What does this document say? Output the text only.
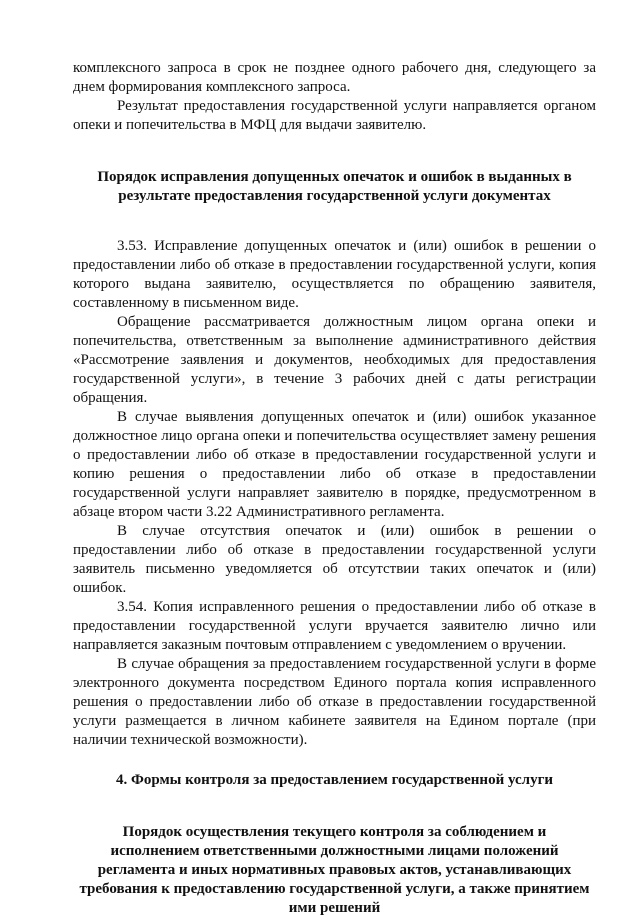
комплексного запроса в срок не позднее одного рабочего дня, следующего за днем формирования комплексного запроса.

Результат предоставления государственной услуги направляется органом опеки и попечительства в МФЦ для выдачи заявителю.

Порядок исправления допущенных опечаток и ошибок в выданных в результате предоставления государственной услуги документах

3.53. Исправление допущенных опечаток и (или) ошибок в решении о предоставлении либо об отказе в предоставлении государственной услуги, копия которого выдана заявителю, осуществляется по обращению заявителя, составленному в письменном виде.

Обращение рассматривается должностным лицом органа опеки и попечительства, ответственным за выполнение административного действия «Рассмотрение заявления и документов, необходимых для предоставления государственной услуги», в течение 3 рабочих дней с даты регистрации обращения.

В случае выявления допущенных опечаток и (или) ошибок указанное должностное лицо органа опеки и попечительства осуществляет замену решения о предоставлении либо об отказе в предоставлении государственной услуги и копию решения о предоставлении либо об отказе в предоставлении государственной услуги направляет заявителю в порядке, предусмотренном в абзаце втором части 3.22 Административного регламента.

В случае отсутствия опечаток и (или) ошибок в решении о предоставлении либо об отказе в предоставлении государственной услуги заявитель письменно уведомляется об отсутствии таких опечаток и (или) ошибок.

3.54. Копия исправленного решения о предоставлении либо об отказе в предоставлении государственной услуги вручается заявителю лично или направляется заказным почтовым отправлением с уведомлением о вручении.

В случае обращения за предоставлением государственной услуги в форме электронного документа посредством Единого портала копия исправленного решения о предоставлении либо об отказе в предоставлении государственной услуги размещается в личном кабинете заявителя на Едином портале (при наличии технической возможности).

4. Формы контроля за предоставлением государственной услуги
Порядок осуществления текущего контроля за соблюдением и исполнением ответственными должностными лицами положений регламента и иных нормативных правовых актов, устанавливающих требования к предоставлению государственной услуги, а также принятием ими решений
